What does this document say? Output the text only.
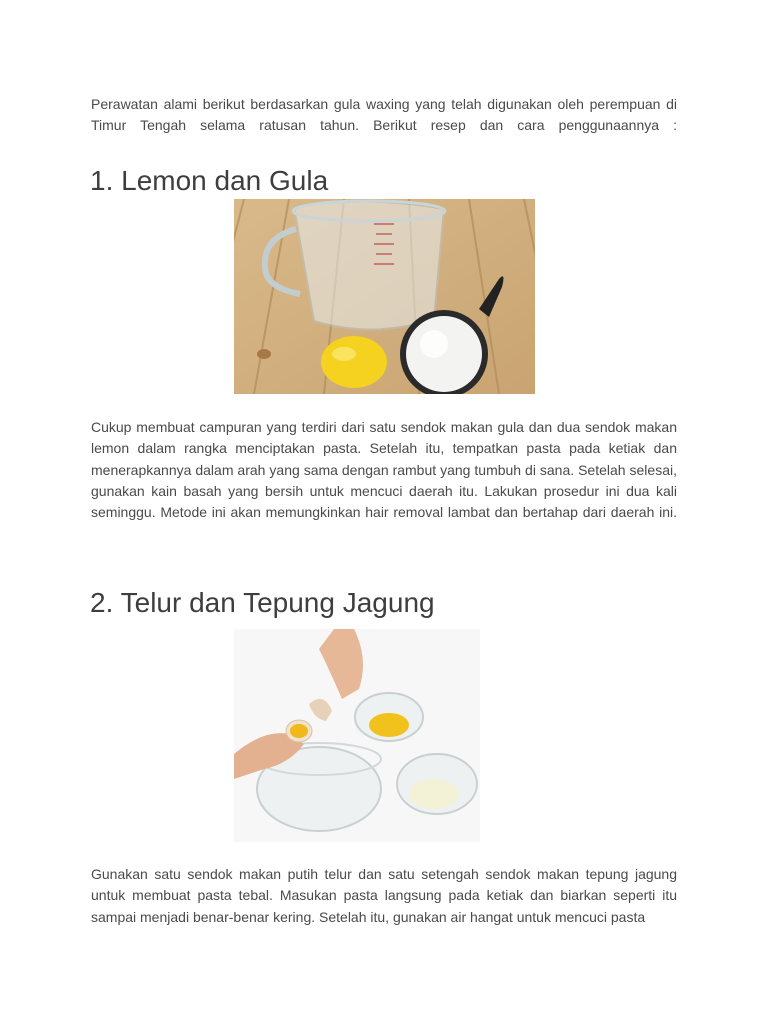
Perawatan alami berikut berdasarkan gula waxing yang telah digunakan oleh perempuan di Timur Tengah selama ratusan tahun. Berikut resep dan cara penggunaannya :

1. Lemon dan Gula

Cukup membuat campuran yang terdiri dari satu sendok makan gula dan dua sendok makan lemon dalam rangka menciptakan pasta. Setelah itu, tempatkan pasta pada ketiak dan menerapkannya dalam arah yang sama dengan rambut yang tumbuh di sana. Setelah selesai, gunakan kain basah yang bersih untuk mencuci daerah itu. Lakukan prosedur ini dua kali seminggu. Metode ini akan memungkinkan hair removal lambat dan bertahap dari daerah ini.

2. Telur dan Tepung Jagung

Gunakan satu sendok makan putih telur dan satu setengah sendok makan tepung jagung untuk membuat pasta tebal. Masukan pasta langsung pada ketiak dan biarkan seperti itu sampai menjadi benar-benar kering. Setelah itu, gunakan air hangat untuk mencuci pasta
